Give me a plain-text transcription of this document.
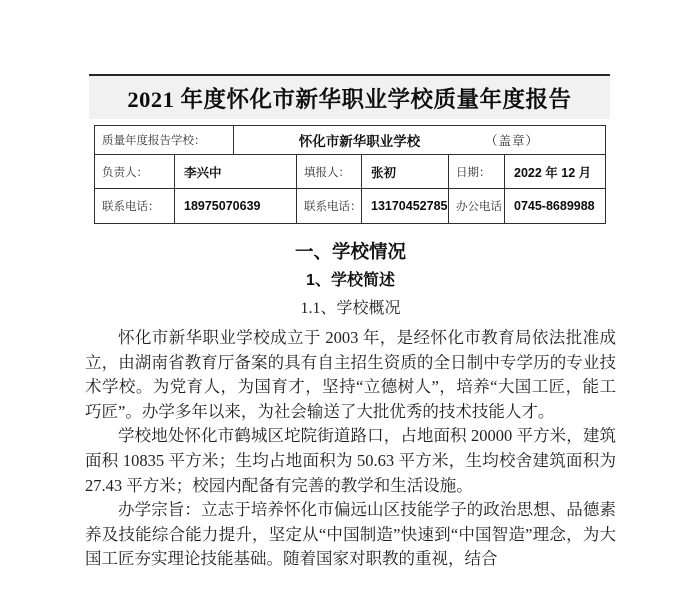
2021 年度怀化市新华职业学校质量年度报告
质量年度报告学校：	怀化市新华职业学校	（盖章）
负责人：	李兴中	填报人：	张初	日期：	2022 年 12 月
联系电话：	18975070639	联系电话： 13170452785 办公电话 0745-8689988
一、学校情况
1、学校简述
1.1、学校概况

怀化市新华职业学校成立于 2003 年，是经怀化市教育局依法批准成立，由湖南省教育厅备案的具有自主招生资质的全日制中专学历的专业技术学校。为党育人，为国育才，坚持“立德树人”，培养“大国工匠，能工巧匠”。办学多年以来，为社会输送了大批优秀的技术技能人才。

学校地处怀化市鹤城区坨院街道路口，占地面积 20000 平方米，建筑面积 10835 平方米；生均占地面积为 50.63 平方米，生均校舍建筑面积为 27.43 平方米；校园内配备有完善的教学和生活设施。

办学宗旨：立志于培养怀化市偏远山区技能学子的政治思想、品德素养及技能综合能力提升，坚定从“中国制造”快速到“中国智造”理念，为大国工匠夯实理论技能基础。随着国家对职教的重视，结合
